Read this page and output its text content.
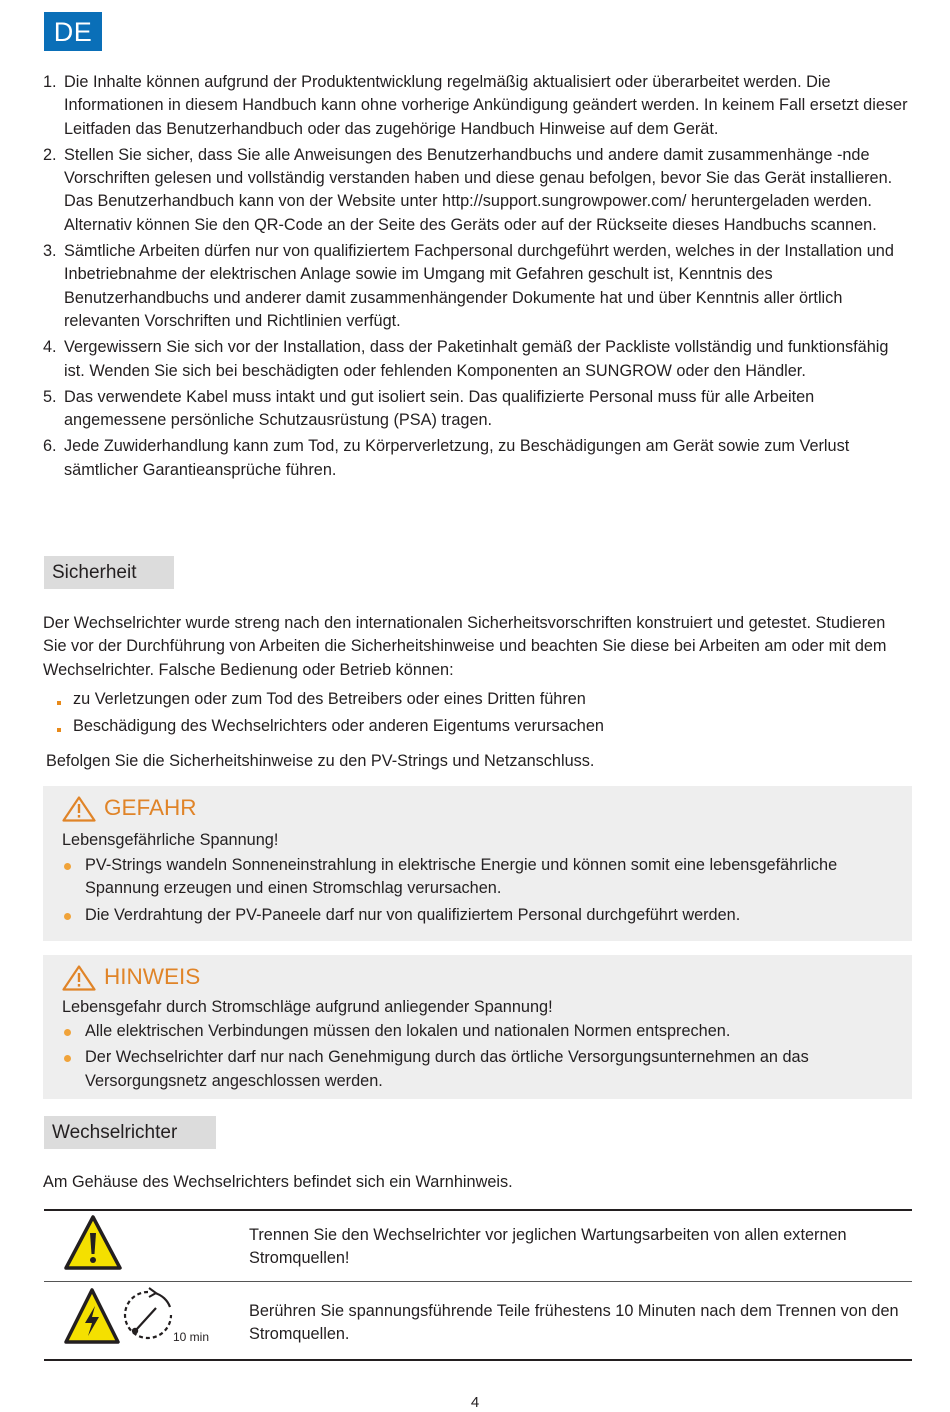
DE
1. Die Inhalte können aufgrund der Produktentwicklung regelmäßig aktualisiert oder überarbeitet werden. Die Informationen in diesem Handbuch kann ohne vorherige Ankündigung geändert werden. In keinem Fall ersetzt dieser Leitfaden das Benutzerhandbuch oder das zugehörige Handbuch Hinweise auf dem Gerät.
2. Stellen Sie sicher, dass Sie alle Anweisungen des Benutzerhandbuchs und andere damit zusammenhänge -nde Vorschriften gelesen und vollständig verstanden haben und diese genau befolgen, bevor Sie das Gerät installieren. Das Benutzerhandbuch kann von der Website unter http://support.sungrowpower.com/ heruntergeladen werden. Alternativ können Sie den QR-Code an der Seite des Geräts oder auf der Rückseite dieses Handbuchs scannen.
3. Sämtliche Arbeiten dürfen nur von qualifiziertem Fachpersonal durchgeführt werden, welches in der Installation und Inbetriebnahme der elektrischen Anlage sowie im Umgang mit Gefahren geschult ist, Kenntnis des Benutzerhandbuchs und anderer damit zusammenhängender Dokumente hat und über Kenntnis aller örtlich relevanten Vorschriften und Richtlinien verfügt.
4. Vergewissern Sie sich vor der Installation, dass der Paketinhalt gemäß der Packliste vollständig und funktionsfähig ist. Wenden Sie sich bei beschädigten oder fehlenden Komponenten an SUNGROW oder den Händler.
5. Das verwendete Kabel muss intakt und gut isoliert sein. Das qualifizierte Personal muss für alle Arbeiten angemessene persönliche Schutzausrüstung (PSA) tragen.
6. Jede Zuwiderhandlung kann zum Tod, zu Körperverletzung, zu Beschädigungen am Gerät sowie zum Verlust sämtlicher Garantieansprüche führen.
Sicherheit

Der Wechselrichter wurde streng nach den internationalen Sicherheitsvorschriften konstruiert und getestet. Studieren Sie vor der Durchführung von Arbeiten die Sicherheitshinweise und beachten Sie diese bei Arbeiten am oder mit dem Wechselrichter. Falsche Bedienung oder Betrieb können:

zu Verletzungen oder zum Tod des Betreibers oder eines Dritten führen
Beschädigung des Wechselrichters oder anderen Eigentums verursachen

Befolgen Sie die Sicherheitshinweise zu den PV-Strings und Netzanschluss.

GEFAHR
Lebensgefährliche Spannung!
PV-Strings wandeln Sonneneinstrahlung in elektrische Energie und können somit eine lebensgefährliche Spannung erzeugen und einen Stromschlag verursachen.
Die Verdrahtung der PV-Paneele darf nur von qualifiziertem Personal durchgeführt werden.
HINWEIS
Lebensgefahr durch Stromschläge aufgrund anliegender Spannung!
Alle elektrischen Verbindungen müssen den lokalen und nationalen Normen entsprechen.
Der Wechselrichter darf nur nach Genehmigung durch das örtliche Versorgungsunternehmen an das Versorgungsnetz angeschlossen werden.
Wechselrichter

Am Gehäuse des Wechselrichters befindet sich ein Warnhinweis.

Trennen Sie den Wechselrichter vor jeglichen Wartungsarbeiten von allen externen Stromquellen!
10 min
Berühren Sie spannungsführende Teile frühestens 10 Minuten nach dem Trennen von den Stromquellen.
4
